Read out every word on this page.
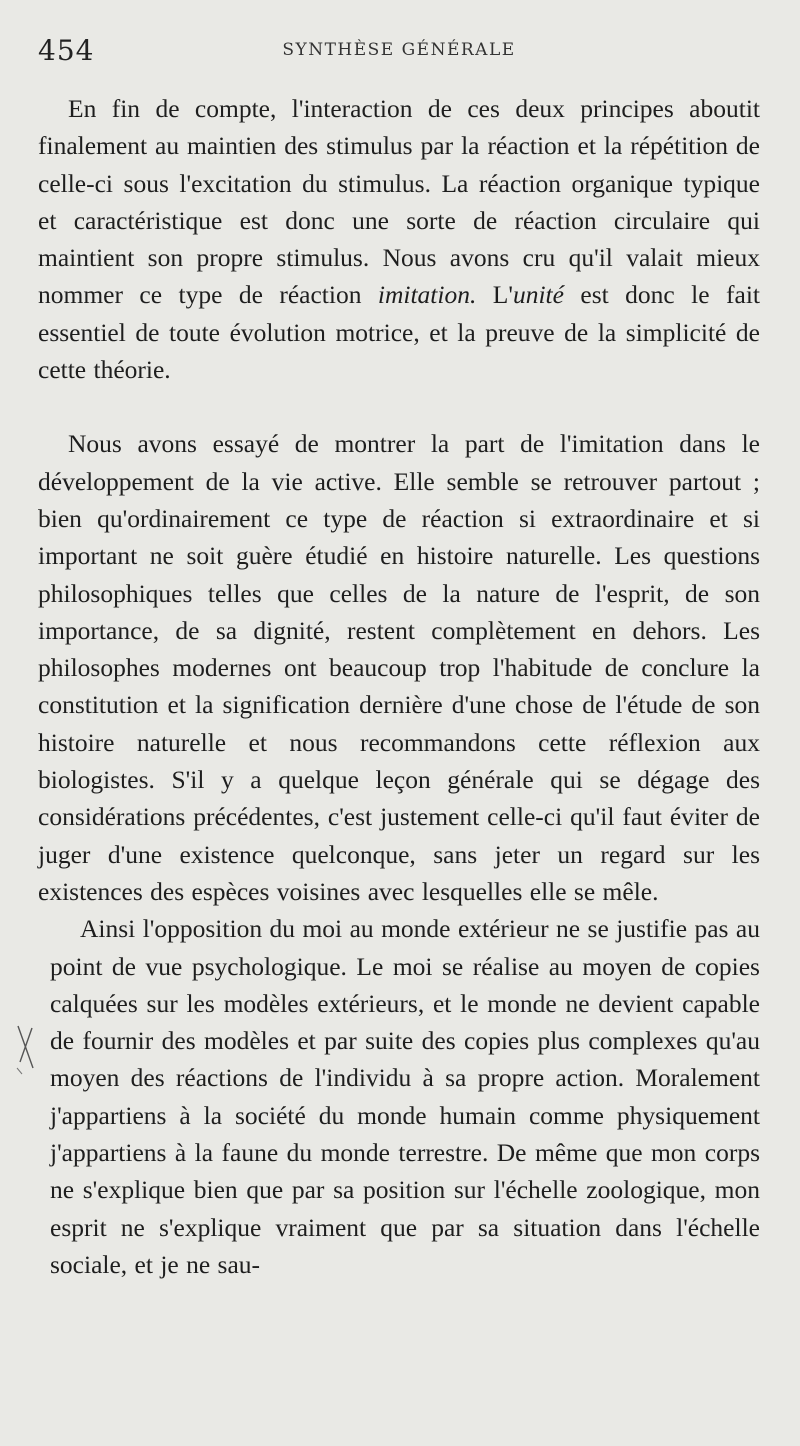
454	SYNTHÈSE GÉNÉRALE

En fin de compte, l'interaction de ces deux principes aboutit finalement au maintien des stimulus par la réaction et la répétition de celle-ci sous l'excitation du stimulus. La réaction organique typique et caractéristique est donc une sorte de réaction circulaire qui maintient son propre stimulus. Nous avons cru qu'il valait mieux nommer ce type de réaction imitation. L'unité est donc le fait essentiel de toute évolution motrice, et la preuve de la simplicité de cette théorie.

Nous avons essayé de montrer la part de l'imitation dans le développement de la vie active. Elle semble se retrouver partout ; bien qu'ordinairement ce type de réaction si extraordinaire et si important ne soit guère étudié en histoire naturelle. Les questions philosophiques telles que celles de la nature de l'esprit, de son importance, de sa dignité, restent complètement en dehors. Les philosophes modernes ont beaucoup trop l'habitude de conclure la constitution et la signification dernière d'une chose de l'étude de son histoire naturelle et nous recommandons cette réflexion aux biologistes. S'il y a quelque leçon générale qui se dégage des considérations précédentes, c'est justement celle-ci qu'il faut éviter de juger d'une existence quelconque, sans jeter un regard sur les existences des espèces voisines avec lesquelles elle se mêle.

Ainsi l'opposition du moi au monde extérieur ne se justifie pas au point de vue psychologique. Le moi se réalise au moyen de copies calquées sur les modèles extérieurs, et le monde ne devient capable de fournir des modèles et par suite des copies plus complexes qu'au moyen des réactions de l'individu à sa propre action. Moralement j'appartiens à la société du monde humain comme physiquement j'appartiens à la faune du monde terrestre. De même que mon corps ne s'explique bien que par sa position sur l'échelle zoologique, mon esprit ne s'explique vraiment que par sa situation dans l'échelle sociale, et je ne sau-
